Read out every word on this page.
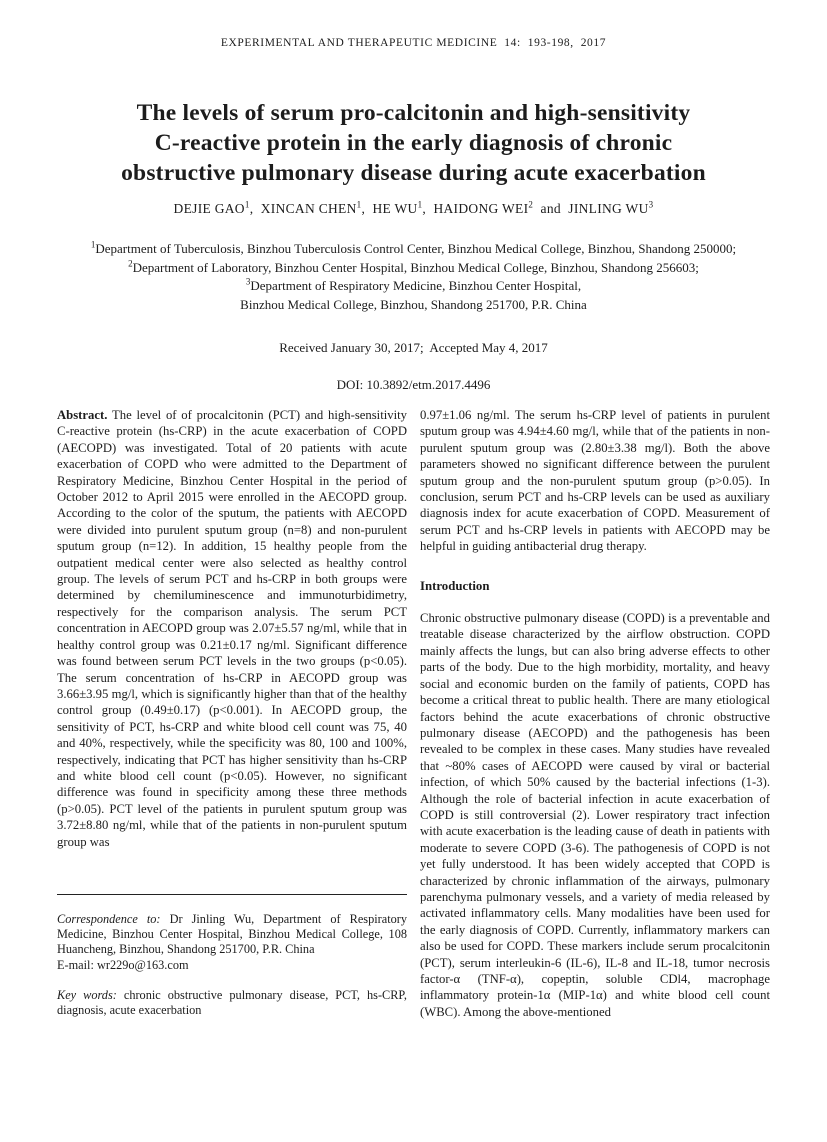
EXPERIMENTAL AND THERAPEUTIC MEDICINE  14:  193-198,  2017
The levels of serum pro-calcitonin and high-sensitivity
C-reactive protein in the early diagnosis of chronic
obstructive pulmonary disease during acute exacerbation
DEJIE GAO$^1$,  XINCAN CHEN$^1$,  HE $WU^1$,  HAIDONG WEI$^2$  and  JINLING $WU^3$
$^1$Department of Tuberculosis, Binzhou Tuberculosis Control Center, Binzhou Medical College, Binzhou, Shandong 250000;
$^2$Department of Laboratory, Binzhou Center Hospital, Binzhou Medical College, Binzhou, Shandong 256603;
$^3$Department of Respiratory Medicine, Binzhou Center Hospital,
Binzhou Medical College, Binzhou, Shandong 251700, P.R. China
Received January 30, 2017;  Accepted May 4, 2017
DOI: 10.3892/etm.2017.4496

Abstract. The level of of procalcitonin (PCT) and high-sensitivity C-reactive protein (hs-CRP) in the acute exacerbation of COPD (AECOPD) was investigated. Total of 20 patients with acute exacerbation of COPD who were admitted to the Department of Respiratory Medicine, Binzhou Center Hospital in the period of October 2012 to April 2015 were enrolled in the AECOPD group. According to the color of the sputum, the patients with AECOPD were divided into purulent sputum group (n=8) and non-purulent sputum group (n=12). In addition, 15 healthy people from the outpatient medical center were also selected as healthy control group. The levels of serum PCT and hs-CRP in both groups were determined by chemiluminescence and immunoturbidimetry, respectively for the comparison analysis. The serum PCT concentration in AECOPD group was 2.07±5.57 ng/ml, while that in healthy control group was 0.21±0.17 ng/ml. Significant difference was found between serum PCT levels in the two groups (p<0.05). The serum concentration of hs-CRP in AECOPD group was 3.66±3.95 mg/l, which is significantly higher than that of the healthy control group (0.49±0.17) (p<0.001). In AECOPD group, the sensitivity of PCT, hs-CRP and white blood cell count was 75, 40 and 40%, respectively, while the specificity was 80, 100 and 100%, respectively, indicating that PCT has higher sensitivity than hs-CRP and white blood cell count (p<0.05). However, no significant difference was found in specificity among these three methods (p>0.05). PCT level of the patients in purulent sputum group was 3.72±8.80 ng/ml, while that of the patients in non-purulent sputum group was

Correspondence to: Dr Jinling Wu, Department of Respiratory Medicine, Binzhou Center Hospital, Binzhou Medical College, 108 Huancheng, Binzhou, Shandong 251700, P.R. China
E-mail: wr229o@163.com
Key words: chronic obstructive pulmonary disease, PCT, hs-CRP, diagnosis, acute exacerbation

0.97±1.06 ng/ml. The serum hs-CRP level of patients in purulent sputum group was 4.94±4.60 mg/l, while that of the patients in non-purulent sputum group was (2.80±3.38 mg/l). Both the above parameters showed no significant difference between the purulent sputum group and the non-purulent sputum group (p>0.05). In conclusion, serum PCT and hs-CRP levels can be used as auxiliary diagnosis index for acute exacerbation of COPD. Measurement of serum PCT and hs-CRP levels in patients with AECOPD may be helpful in guiding antibacterial drug therapy.

Introduction

Chronic obstructive pulmonary disease (COPD) is a preventable and treatable disease characterized by the airflow obstruction. COPD mainly affects the lungs, but can also bring adverse effects to other parts of the body. Due to the high morbidity, mortality, and heavy social and economic burden on the family of patients, COPD has become a critical threat to public health. There are many etiological factors behind the acute exacerbations of chronic obstructive pulmonary disease (AECOPD) and the pathogenesis has been revealed to be complex in these cases. Many studies have revealed that ~80% cases of AECOPD were caused by viral or bacterial infection, of which 50% caused by the bacterial infections (1-3). Although the role of bacterial infection in acute exacerbation of COPD is still controversial (2). Lower respiratory tract infection with acute exacerbation is the leading cause of death in patients with moderate to severe COPD (3-6). The pathogenesis of COPD is not yet fully understood. It has been widely accepted that COPD is characterized by chronic inflammation of the airways, pulmonary parenchyma pulmonary vessels, and a variety of media released by activated inflammatory cells. Many modalities have been used for the early diagnosis of COPD. Currently, inflammatory markers can also be used for COPD. These markers include serum procalcitonin (PCT), serum interleukin-6 (IL-6), IL-8 and IL-18, tumor necrosis factor-α (TNF-α), copeptin, soluble CDl4, macrophage inflammatory protein-1α (MIP-1α) and white blood cell count (WBC). Among the above-mentioned
